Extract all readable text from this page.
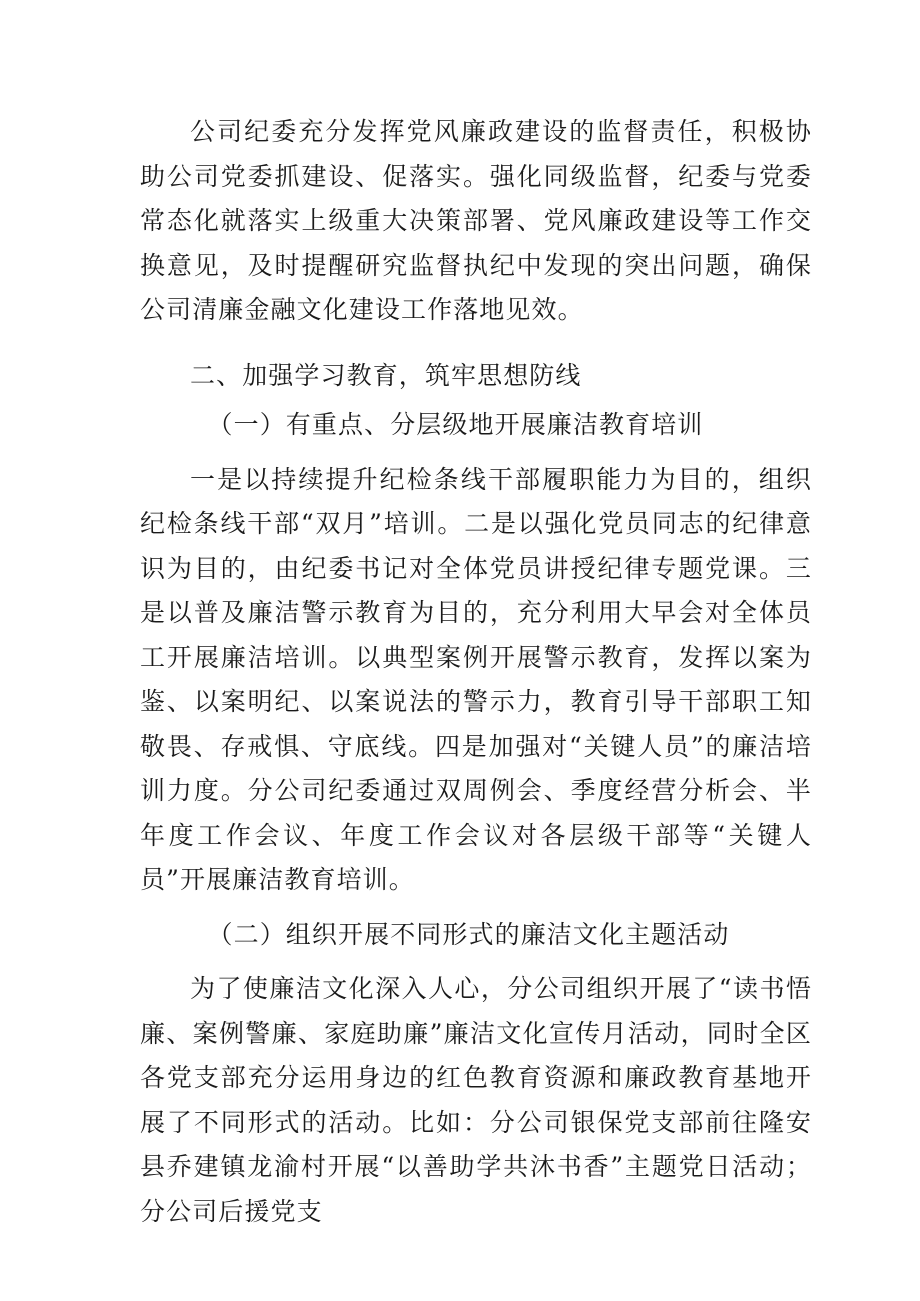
公司纪委充分发挥党风廉政建设的监督责任，积极协助公司党委抓建设、促落实。强化同级监督，纪委与党委常态化就落实上级重大决策部署、党风廉政建设等工作交换意见，及时提醒研究监督执纪中发现的突出问题，确保公司清廉金融文化建设工作落地见效。

二、加强学习教育，筑牢思想防线

（一）有重点、分层级地开展廉洁教育培训

一是以持续提升纪检条线干部履职能力为目的，组织纪检条线干部“双月”培训。二是以强化党员同志的纪律意识为目的，由纪委书记对全体党员讲授纪律专题党课。三是以普及廉洁警示教育为目的，充分利用大早会对全体员工开展廉洁培训。以典型案例开展警示教育，发挥以案为鉴、以案明纪、以案说法的警示力，教育引导干部职工知敬畏、存戒惧、守底线。四是加强对“关键人员”的廉洁培训力度。分公司纪委通过双周例会、季度经营分析会、半年度工作会议、年度工作会议对各层级干部等“关键人员”开展廉洁教育培训。

（二）组织开展不同形式的廉洁文化主题活动

为了使廉洁文化深入人心，分公司组织开展了“读书悟廉、案例警廉、家庭助廉”廉洁文化宣传月活动，同时全区各党支部充分运用身边的红色教育资源和廉政教育基地开展了不同形式的活动。比如：分公司银保党支部前往隆安县乔建镇龙渝村开展“以善助学共沐书香”主题党日活动；分公司后援党支
